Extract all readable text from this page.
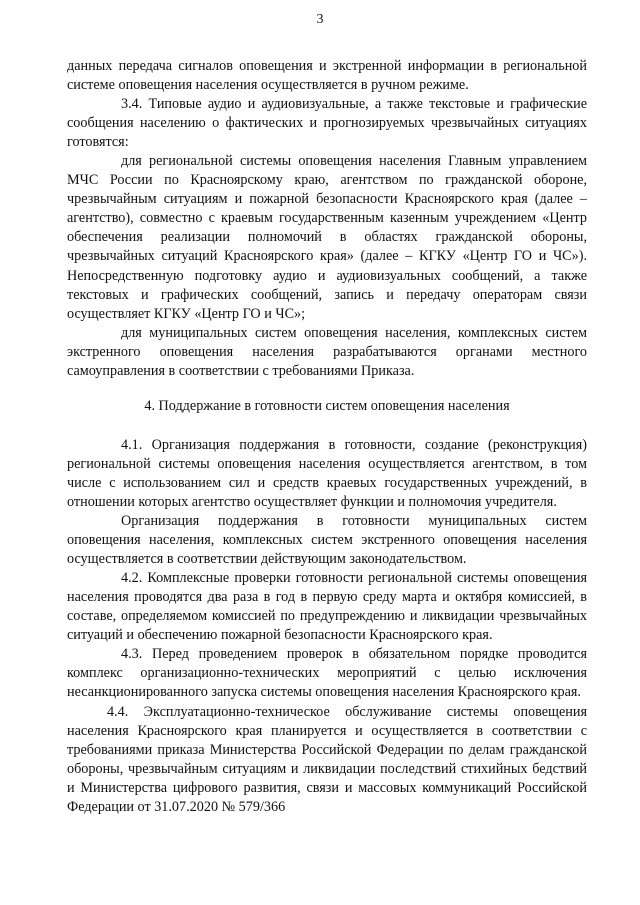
3

данных передача сигналов оповещения и экстренной информации в региональной системе оповещения населения осуществляется в ручном режиме.

3.4. Типовые аудио и аудиовизуальные, а также текстовые и графические сообщения населению о фактических и прогнозируемых чрезвычайных ситуациях готовятся:

для региональной системы оповещения населения Главным управлением МЧС России по Красноярскому краю, агентством по гражданской обороне, чрезвычайным ситуациям и пожарной безопасности Красноярского края (далее – агентство), совместно с краевым государственным казенным учреждением «Центр обеспечения реализации полномочий в областях гражданской обороны, чрезвычайных ситуаций Красноярского края» (далее – КГКУ «Центр ГО и ЧС»). Непосредственную подготовку аудио и аудиовизуальных сообщений, а также текстовых и графических сообщений, запись и передачу операторам связи осуществляет КГКУ «Центр ГО и ЧС»;

для муниципальных систем оповещения населения, комплексных систем экстренного оповещения населения разрабатываются органами местного самоуправления в соответствии с требованиями Приказа.

4. Поддержание в готовности систем оповещения населения

4.1. Организация поддержания в готовности, создание (реконструкция) региональной системы оповещения населения осуществляется агентством, в том числе с использованием сил и средств краевых государственных учреждений, в отношении которых агентство осуществляет функции и полномочия учредителя.

Организация поддержания в готовности муниципальных систем оповещения населения, комплексных систем экстренного оповещения населения осуществляется в соответствии действующим законодательством.

4.2. Комплексные проверки готовности региональной системы оповещения населения проводятся два раза в год в первую среду марта и октября комиссией, в составе, определяемом комиссией по предупреждению и ликвидации чрезвычайных ситуаций и обеспечению пожарной безопасности Красноярского края.

4.3. Перед проведением проверок в обязательном порядке проводится комплекс организационно-технических мероприятий с целью исключения несанкционированного запуска системы оповещения населения Красноярского края.

4.4. Эксплуатационно-техническое обслуживание системы оповещения населения Красноярского края планируется и осуществляется в соответствии с требованиями приказа Министерства Российской Федерации по делам гражданской обороны, чрезвычайным ситуациям и ликвидации последствий стихийных бедствий и Министерства цифрового развития, связи и массовых коммуникаций Российской Федерации от 31.07.2020 № 579/366
